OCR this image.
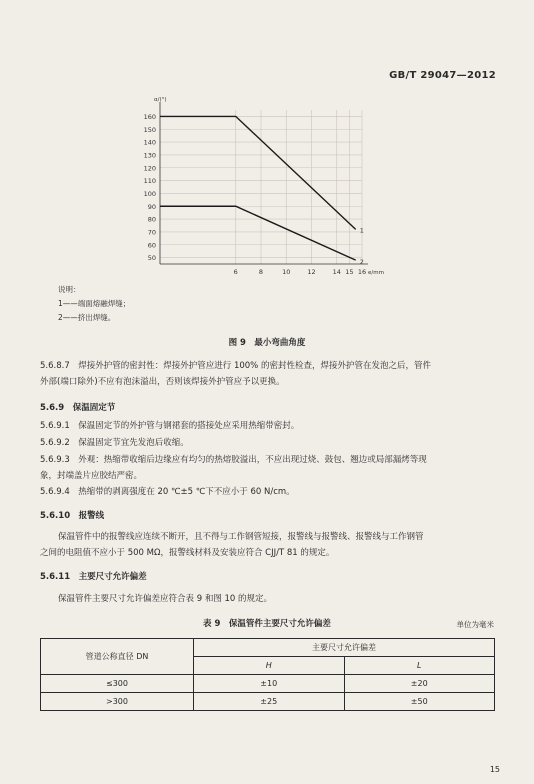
GB/T 29047—2012
160
150
140
130
120
110
100
90
80
70
60
50
6	8	10	12	14 15 16
α/(°)
e/mm
1
2
说明：
1——端面熔融焊缝；
2——挤出焊缝。
图 9　最小弯曲角度
5.6.8.7　焊接外护管的密封性：焊接外护管应进行 100% 的密封性检查，焊接外护管在发泡之后，管件
外部(端口除外)不应有泡沫溢出，否则该焊接外护管应予以更换。
5.6.9　保温固定节
5.6.9.1　保温固定节的外护管与钢裙套的搭接处应采用热缩带密封。
5.6.9.2　保温固定节宜先发泡后收缩。
5.6.9.3　外观：热缩带收缩后边缘应有均匀的热熔胶溢出，不应出现过烧、鼓包、翘边或局部漏烤等现
象，封端盖片应胶结严密。
5.6.9.4　热缩带的剥离强度在 20 ℃±5 ℃下不应小于 60 N/cm。
5.6.10　报警线
保温管件中的报警线应连续不断开，且不得与工作钢管短接，报警线与报警线、报警线与工作钢管
之间的电阻值不应小于 500 MΩ，报警线材料及安装应符合 CJJ/T 81 的规定。
5.6.11　主要尺寸允许偏差
保温管件主要尺寸允许偏差应符合表 9 和图 10 的规定。
表 9　保温管件主要尺寸允许偏差	单位为毫米
管道公称直径 DN	主要尺寸允许偏差	
	H	L
≤300	±10	±20
>300	±25	±50
15
